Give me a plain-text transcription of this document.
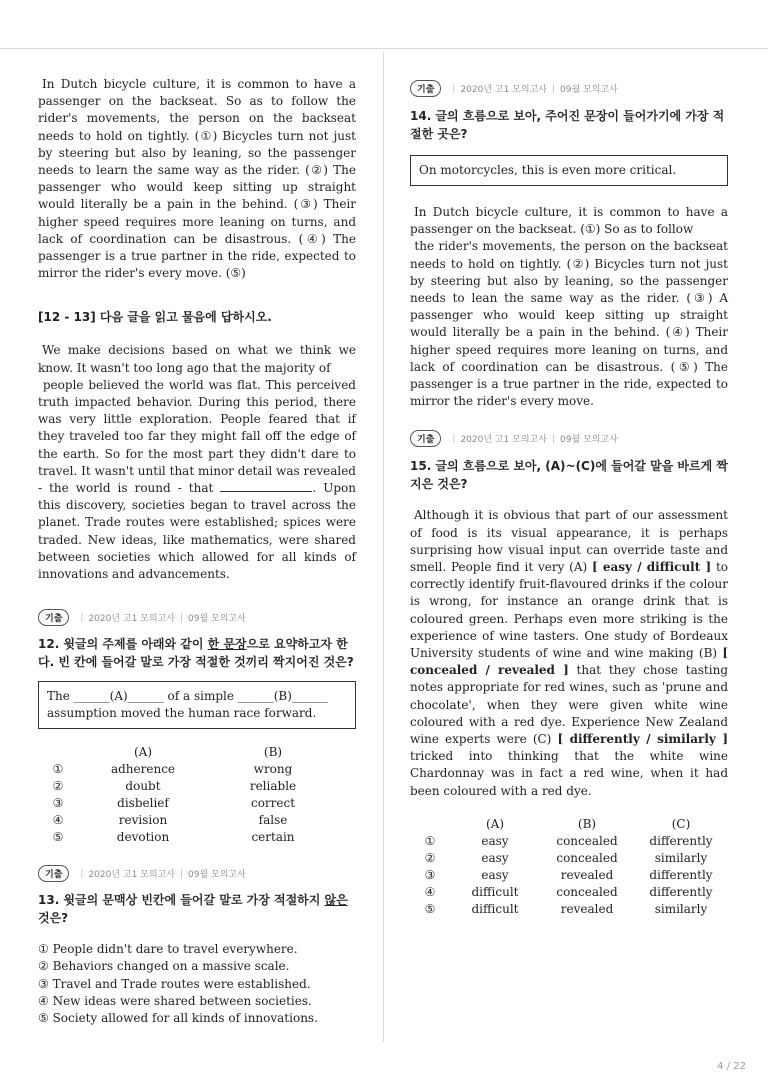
In Dutch bicycle culture, it is common to have a passenger on the backseat. So as to follow the rider's movements, the person on the backseat needs to hold on tightly. (①) Bicycles turn not just by steering but also by leaning, so the passenger needs to learn the same way as the rider. (②) The passenger who would keep sitting up straight would literally be a pain in the behind. (③) Their higher speed requires more leaning on turns, and lack of coordination can be disastrous. (④) The passenger is a true partner in the ride, expected to mirror the rider's every move. (⑤)

[12 - 13] 다음 글을 읽고 물음에 답하시오.

We make decisions based on what we think we know. It wasn't too long ago that the majority of
people believed the world was flat. This perceived truth impacted behavior. During this period, there was very little exploration. People feared that if they traveled too far they might fall off the edge of the earth. So for the most part they didn't dare to travel. It wasn't until that minor detail was revealed - the world is round - that	. Upon this discovery, societies began to travel across the planet. Trade routes were established; spices were traded. New ideas, like mathematics, were shared between societies which allowed for all kinds of innovations and advancements.

기출	| 2020년 고1 모의고사 | 09월 모의고사

12. 윗글의 주제를 아래와 같이 한 문장으로 요약하고자 한다. 빈 칸에 들어갈 말로 가장 적절한 것끼리 짝지어진 것은?

The ______(A)______ of a simple ______(B)______ assumption moved the human race forward.
	(A)	(B)
①	adherence	wrong
②	doubt	reliable
③	disbelief	correct
④	revision	false
⑤	devotion	certain
기출	| 2020년 고1 모의고사 | 09월 모의고사

13. 윗글의 문맥상 빈칸에 들어갈 말로 가장 적절하지 않은 것은?

① People didn't dare to travel everywhere.
② Behaviors changed on a massive scale.
③ Travel and Trade routes were established.
④ New ideas were shared between societies.
⑤ Society allowed for all kinds of innovations.
기출	| 2020년 고1 모의고사 | 09월 모의고사

14. 글의 흐름으로 보아, 주어진 문장이 들어가기에 가장 적절한 곳은?

On motorcycles, this is even more critical.

In Dutch bicycle culture, it is common to have a passenger on the backseat. (①) So as to follow
the rider's movements, the person on the backseat needs to hold on tightly. (②) Bicycles turn not just by steering but also by leaning, so the passenger needs to lean the same way as the rider. (③) A passenger who would keep sitting up straight would literally be a pain in the behind. (④) Their higher speed requires more leaning on turns, and lack of coordination can be disastrous. (⑤) The passenger is a true partner in the ride, expected to mirror the rider's every move.

기출	| 2020년 고1 모의고사 | 09월 모의고사

15. 글의 흐름으로 보아, (A)~(C)에 들어갈 말을 바르게 짝지은 것은?

Although it is obvious that part of our assessment of food is its visual appearance, it is perhaps surprising how visual input can override taste and smell. People find it very (A) [ easy / difficult ] to correctly identify fruit-flavoured drinks if the colour is wrong, for instance an orange drink that is coloured green. Perhaps even more striking is the experience of wine tasters. One study of Bordeaux University students of wine and wine making (B) [ concealed / revealed ] that they chose tasting notes appropriate for red wines, such as 'prune and chocolate', when they were given white wine coloured with a red dye. Experience New Zealand wine experts were (C) [ differently / similarly ] tricked into thinking that the white wine Chardonnay was in fact a red wine, when it had been coloured with a red dye.

	(A)	(B)	(C)
①	easy	concealed	differently
②	easy	concealed	similarly
③	easy	revealed	differently
④	difficult	concealed	differently
⑤	difficult	revealed	similarly
4 / 22
